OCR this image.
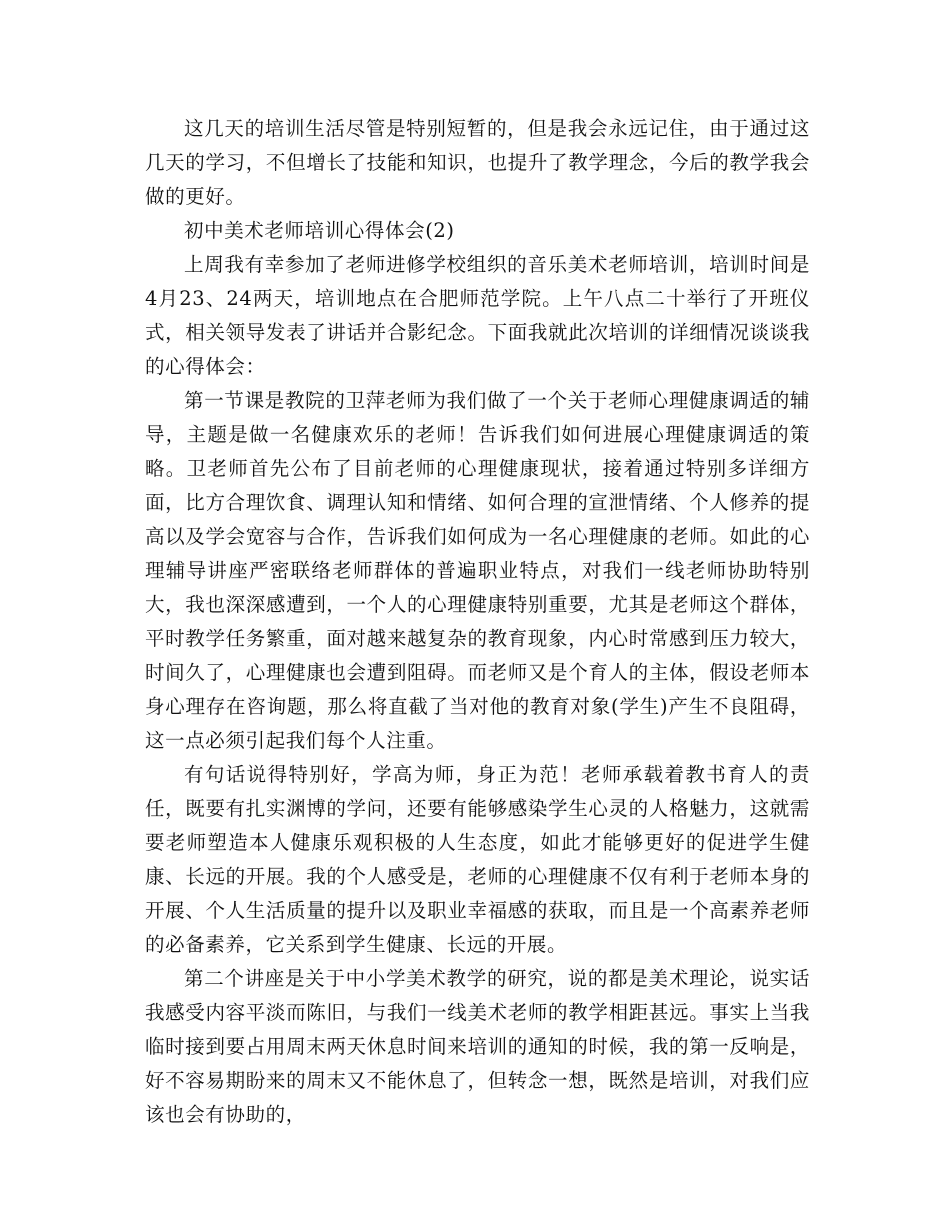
这几天的培训生活尽管是特别短暂的，但是我会永远记住，由于通过这几天的学习，不但增长了技能和知识，也提升了教学理念，今后的教学我会做的更好。

初中美术老师培训心得体会(2)

上周我有幸参加了老师进修学校组织的音乐美术老师培训，培训时间是4月23、24两天，培训地点在合肥师范学院。上午八点二十举行了开班仪式，相关领导发表了讲话并合影纪念。下面我就此次培训的详细情况谈谈我的心得体会：

第一节课是教院的卫萍老师为我们做了一个关于老师心理健康调适的辅导，主题是做一名健康欢乐的老师！告诉我们如何进展心理健康调适的策略。卫老师首先公布了目前老师的心理健康现状，接着通过特别多详细方面，比方合理饮食、调理认知和情绪、如何合理的宣泄情绪、个人修养的提高以及学会宽容与合作，告诉我们如何成为一名心理健康的老师。如此的心理辅导讲座严密联络老师群体的普遍职业特点，对我们一线老师协助特别大，我也深深感遭到，一个人的心理健康特别重要，尤其是老师这个群体，平时教学任务繁重，面对越来越复杂的教育现象，内心时常感到压力较大，时间久了，心理健康也会遭到阻碍。而老师又是个育人的主体，假设老师本身心理存在咨询题，那么将直截了当对他的教育对象(学生)产生不良阻碍，这一点必须引起我们每个人注重。

有句话说得特别好，学高为师，身正为范！老师承载着教书育人的责任，既要有扎实渊博的学问，还要有能够感染学生心灵的人格魅力，这就需要老师塑造本人健康乐观积极的人生态度，如此才能够更好的促进学生健康、长远的开展。我的个人感受是，老师的心理健康不仅有利于老师本身的开展、个人生活质量的提升以及职业幸福感的获取，而且是一个高素养老师的必备素养，它关系到学生健康、长远的开展。

第二个讲座是关于中小学美术教学的研究，说的都是美术理论，说实话我感受内容平淡而陈旧，与我们一线美术老师的教学相距甚远。事实上当我临时接到要占用周末两天休息时间来培训的通知的时候，我的第一反响是，好不容易期盼来的周末又不能休息了，但转念一想，既然是培训，对我们应该也会有协助的，
